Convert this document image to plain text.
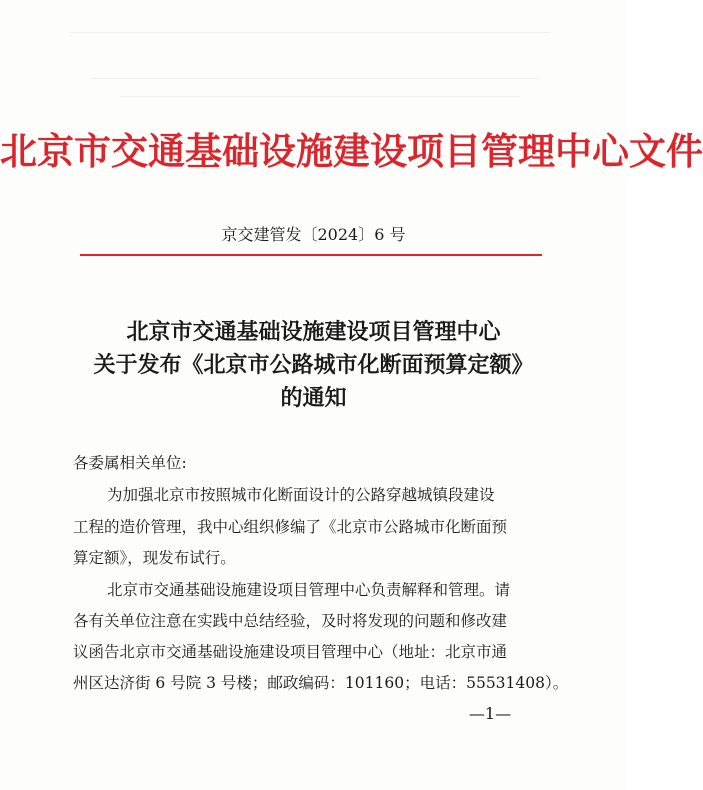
北京市交通基础设施建设项目管理中心文件
京交建管发〔2024〕6 号
北京市交通基础设施建设项目管理中心
关于发布《北京市公路城市化断面预算定额》
的通知
各委属相关单位:
为加强北京市按照城市化断面设计的公路穿越城镇段建设
工程的造价管理，我中心组织修编了《北京市公路城市化断面预
算定额》，现发布试行。
北京市交通基础设施建设项目管理中心负责解释和管理。请
各有关单位注意在实践中总结经验，及时将发现的问题和修改建
议函告北京市交通基础设施建设项目管理中心（地址：北京市通
州区达济街 6 号院 3 号楼；邮政编码：101160；电话：55531408）。
—1—
